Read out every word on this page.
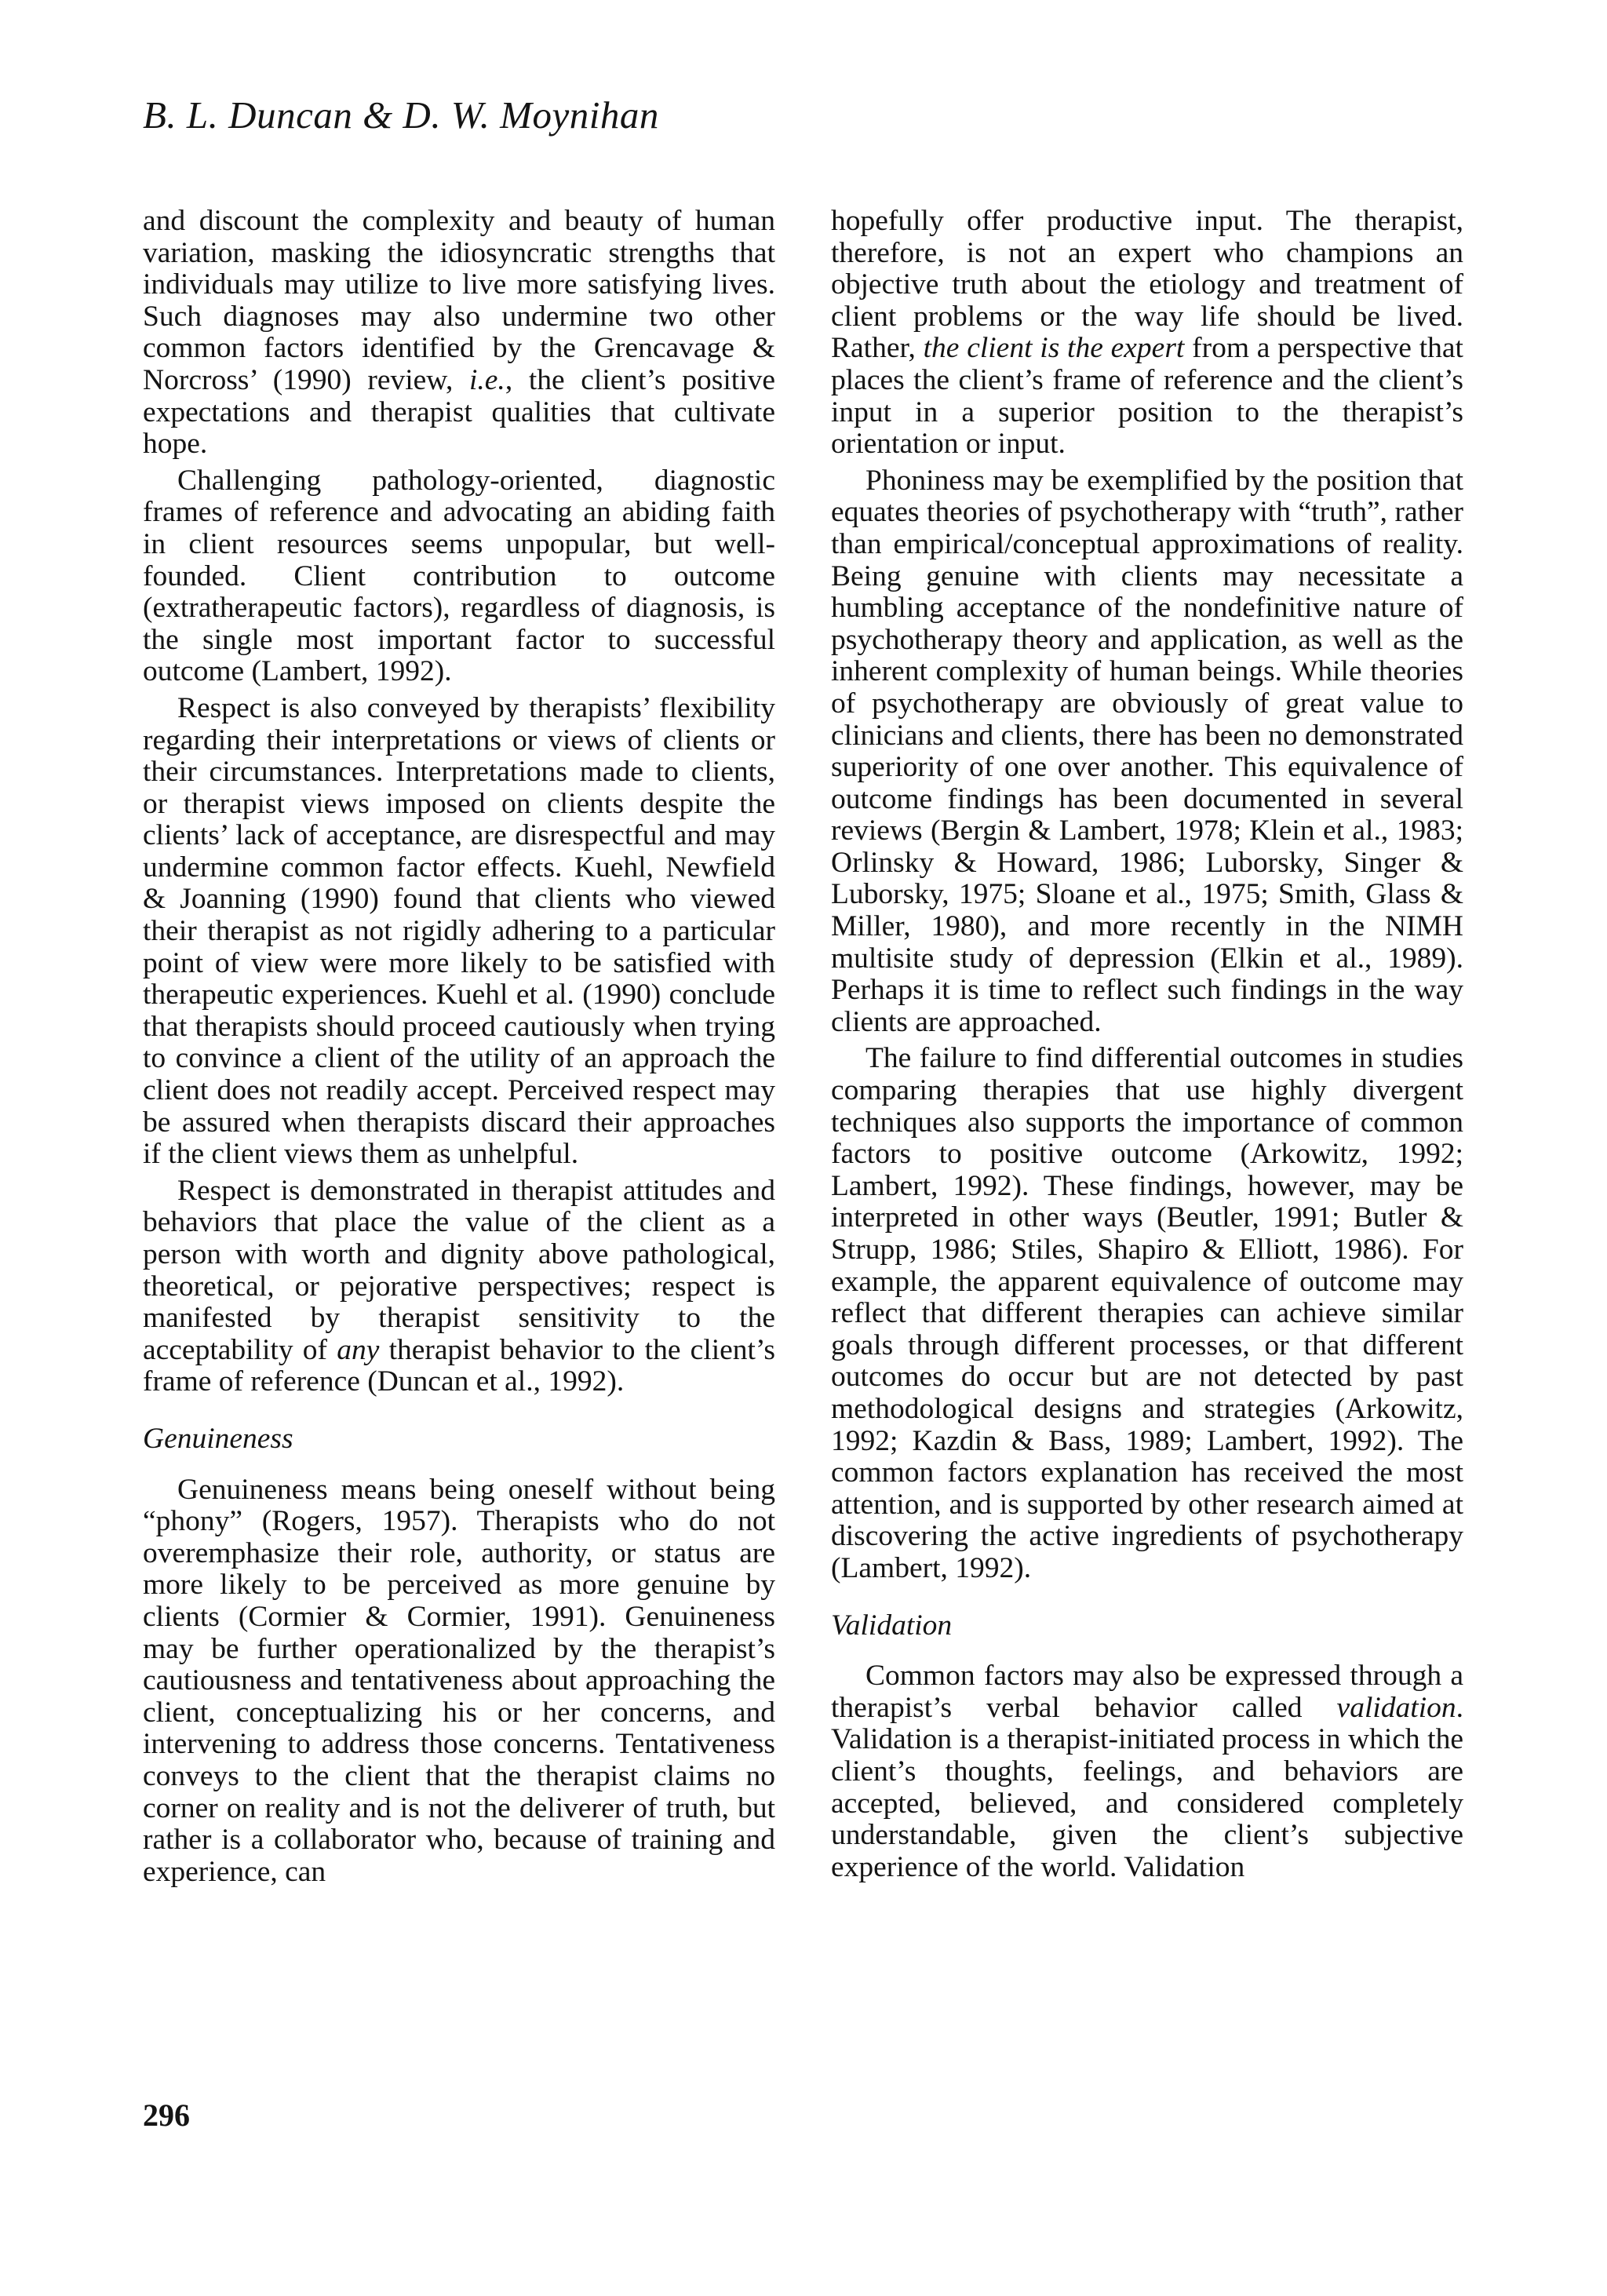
B. L. Duncan & D. W. Moynihan

and discount the complexity and beauty of human variation, masking the idiosyncratic strengths that individuals may utilize to live more satisfying lives. Such diagnoses may also undermine two other common factors identified by the Grencavage & Norcross’ (1990) review, i.e., the client’s positive expectations and therapist qualities that cultivate hope.

Challenging pathology-oriented, diagnostic frames of reference and advocating an abiding faith in client resources seems unpopular, but well-founded. Client contribution to outcome (extratherapeutic factors), regardless of diagnosis, is the single most important factor to successful outcome (Lambert, 1992).

Respect is also conveyed by therapists’ flexibility regarding their interpretations or views of clients or their circumstances. Interpretations made to clients, or therapist views imposed on clients despite the clients’ lack of acceptance, are disrespectful and may undermine common factor effects. Kuehl, Newfield & Joanning (1990) found that clients who viewed their therapist as not rigidly adhering to a particular point of view were more likely to be satisfied with therapeutic experiences. Kuehl et al. (1990) conclude that therapists should proceed cautiously when trying to convince a client of the utility of an approach the client does not readily accept. Perceived respect may be assured when therapists discard their approaches if the client views them as unhelpful.

Respect is demonstrated in therapist attitudes and behaviors that place the value of the client as a person with worth and dignity above pathological, theoretical, or pejorative perspectives; respect is manifested by therapist sensitivity to the acceptability of any therapist behavior to the client’s frame of reference (Duncan et al., 1992).

Genuineness

Genuineness means being oneself without being “phony” (Rogers, 1957). Therapists who do not overemphasize their role, authority, or status are more likely to be perceived as more genuine by clients (Cormier & Cormier, 1991). Genuineness may be further operationalized by the therapist’s cautiousness and tentativeness about approaching the client, conceptualizing his or her concerns, and intervening to address those concerns. Tentativeness conveys to the client that the therapist claims no corner on reality and is not the deliverer of truth, but rather is a collaborator who, because of training and experience, can

hopefully offer productive input. The therapist, therefore, is not an expert who champions an objective truth about the etiology and treatment of client problems or the way life should be lived. Rather, the client is the expert from a perspective that places the client’s frame of reference and the client’s input in a superior position to the therapist’s orientation or input.

Phoniness may be exemplified by the position that equates theories of psychotherapy with “truth”, rather than empirical/conceptual approximations of reality. Being genuine with clients may necessitate a humbling acceptance of the nondefinitive nature of psychotherapy theory and application, as well as the inherent complexity of human beings. While theories of psychotherapy are obviously of great value to clinicians and clients, there has been no demonstrated superiority of one over another. This equivalence of outcome findings has been documented in several reviews (Bergin & Lambert, 1978; Klein et al., 1983; Orlinsky & Howard, 1986; Luborsky, Singer & Luborsky, 1975; Sloane et al., 1975; Smith, Glass & Miller, 1980), and more recently in the NIMH multisite study of depression (Elkin et al., 1989). Perhaps it is time to reflect such findings in the way clients are approached.

The failure to find differential outcomes in studies comparing therapies that use highly divergent techniques also supports the importance of common factors to positive outcome (Arkowitz, 1992; Lambert, 1992). These findings, however, may be interpreted in other ways (Beutler, 1991; Butler & Strupp, 1986; Stiles, Shapiro & Elliott, 1986). For example, the apparent equivalence of outcome may reflect that different therapies can achieve similar goals through different processes, or that different outcomes do occur but are not detected by past methodological designs and strategies (Arkowitz, 1992; Kazdin & Bass, 1989; Lambert, 1992). The common factors explanation has received the most attention, and is supported by other research aimed at discovering the active ingredients of psychotherapy (Lambert, 1992).

Validation

Common factors may also be expressed through a therapist’s verbal behavior called validation. Validation is a therapist-initiated process in which the client’s thoughts, feelings, and behaviors are accepted, believed, and considered completely understandable, given the client’s subjective experience of the world. Validation

296
